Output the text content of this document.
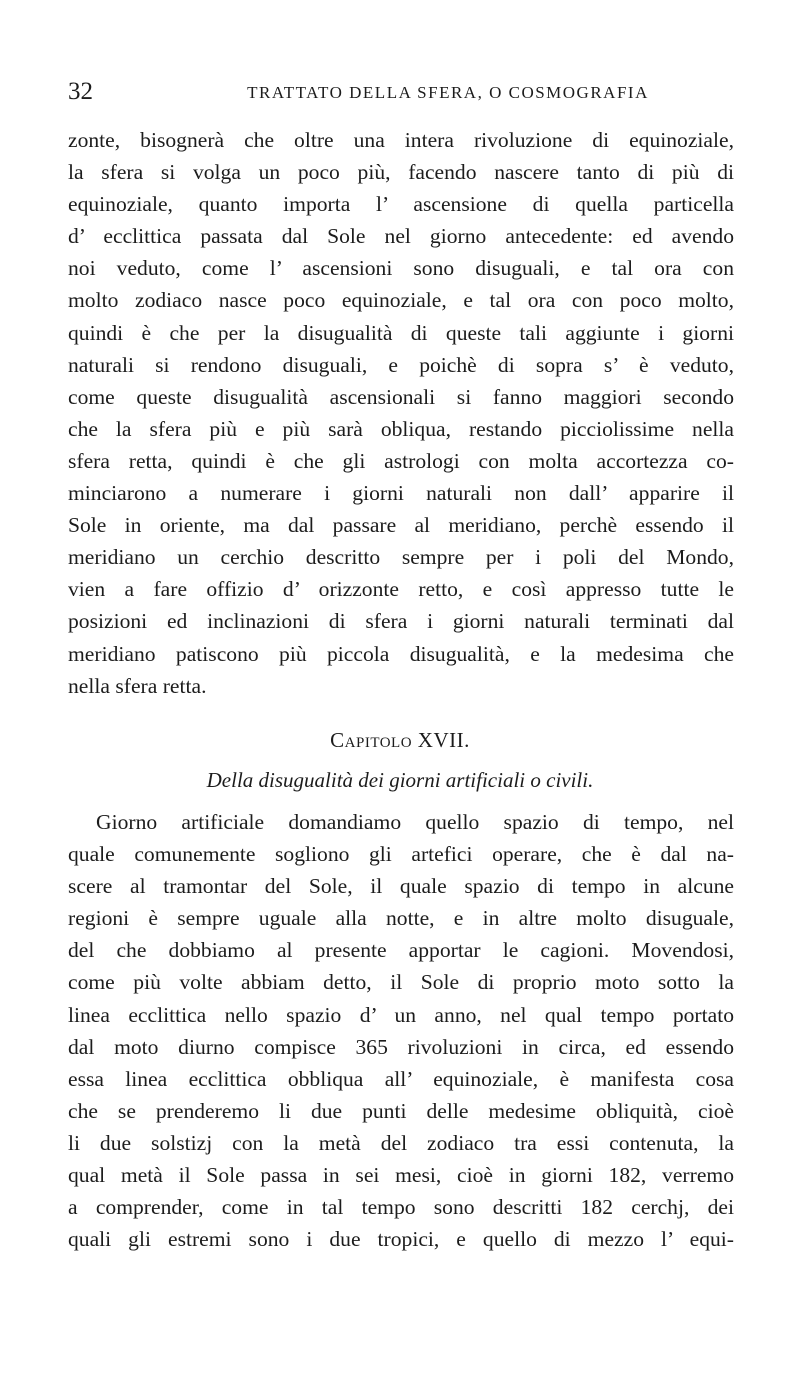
32	TRATTATO DELLA SFERA, O COSMOGRAFIA
zonte, bisognerà che oltre una intera rivoluzione di equinoziale,
la sfera si volga un poco più, facendo nascere tanto di più di
equinoziale, quanto importa l’ ascensione di quella particella
d’ ecclittica passata dal Sole nel giorno antecedente: ed avendo
noi veduto, come l’ ascensioni sono disuguali, e tal ora con
molto zodiaco nasce poco equinoziale, e tal ora con poco molto,
quindi è che per la disugualità di queste tali aggiunte i giorni
naturali si rendono disuguali, e poichè di sopra s’ è veduto,
come queste disugualità ascensionali si fanno maggiori secondo
che la sfera più e più sarà obliqua, restando picciolissime nella
sfera retta, quindi è che gli astrologi con molta accortezza co-
minciarono a numerare i giorni naturali non dall’ apparire il
Sole in oriente, ma dal passare al meridiano, perchè essendo il
meridiano un cerchio descritto sempre per i poli del Mondo,
vien a fare offizio d’ orizzonte retto, e così appresso tutte le
posizioni ed inclinazioni di sfera i giorni naturali terminati dal
meridiano patiscono più piccola disugualità, e la medesima che
nella sfera retta.
Capitolo XVII.
Della disugualità dei giorni artificiali o civili.
Giorno artificiale domandiamo quello spazio di tempo, nel
quale comunemente sogliono gli artefici operare, che è dal na-
scere al tramontar del Sole, il quale spazio di tempo in alcune
regioni è sempre uguale alla notte, e in altre molto disuguale,
del che dobbiamo al presente apportar le cagioni. Movendosi,
come più volte abbiam detto, il Sole di proprio moto sotto la
linea ecclittica nello spazio d’ un anno, nel qual tempo portato
dal moto diurno compisce 365 rivoluzioni in circa, ed essendo
essa linea ecclittica obbliqua all’ equinoziale, è manifesta cosa
che se prenderemo li due punti delle medesime obliquità, cioè
li due solstizj con la metà del zodiaco tra essi contenuta, la
qual metà il Sole passa in sei mesi, cioè in giorni 182, verremo
a comprender, come in tal tempo sono descritti 182 cerchj, dei
quali gli estremi sono i due tropici, e quello di mezzo l’ equi-
